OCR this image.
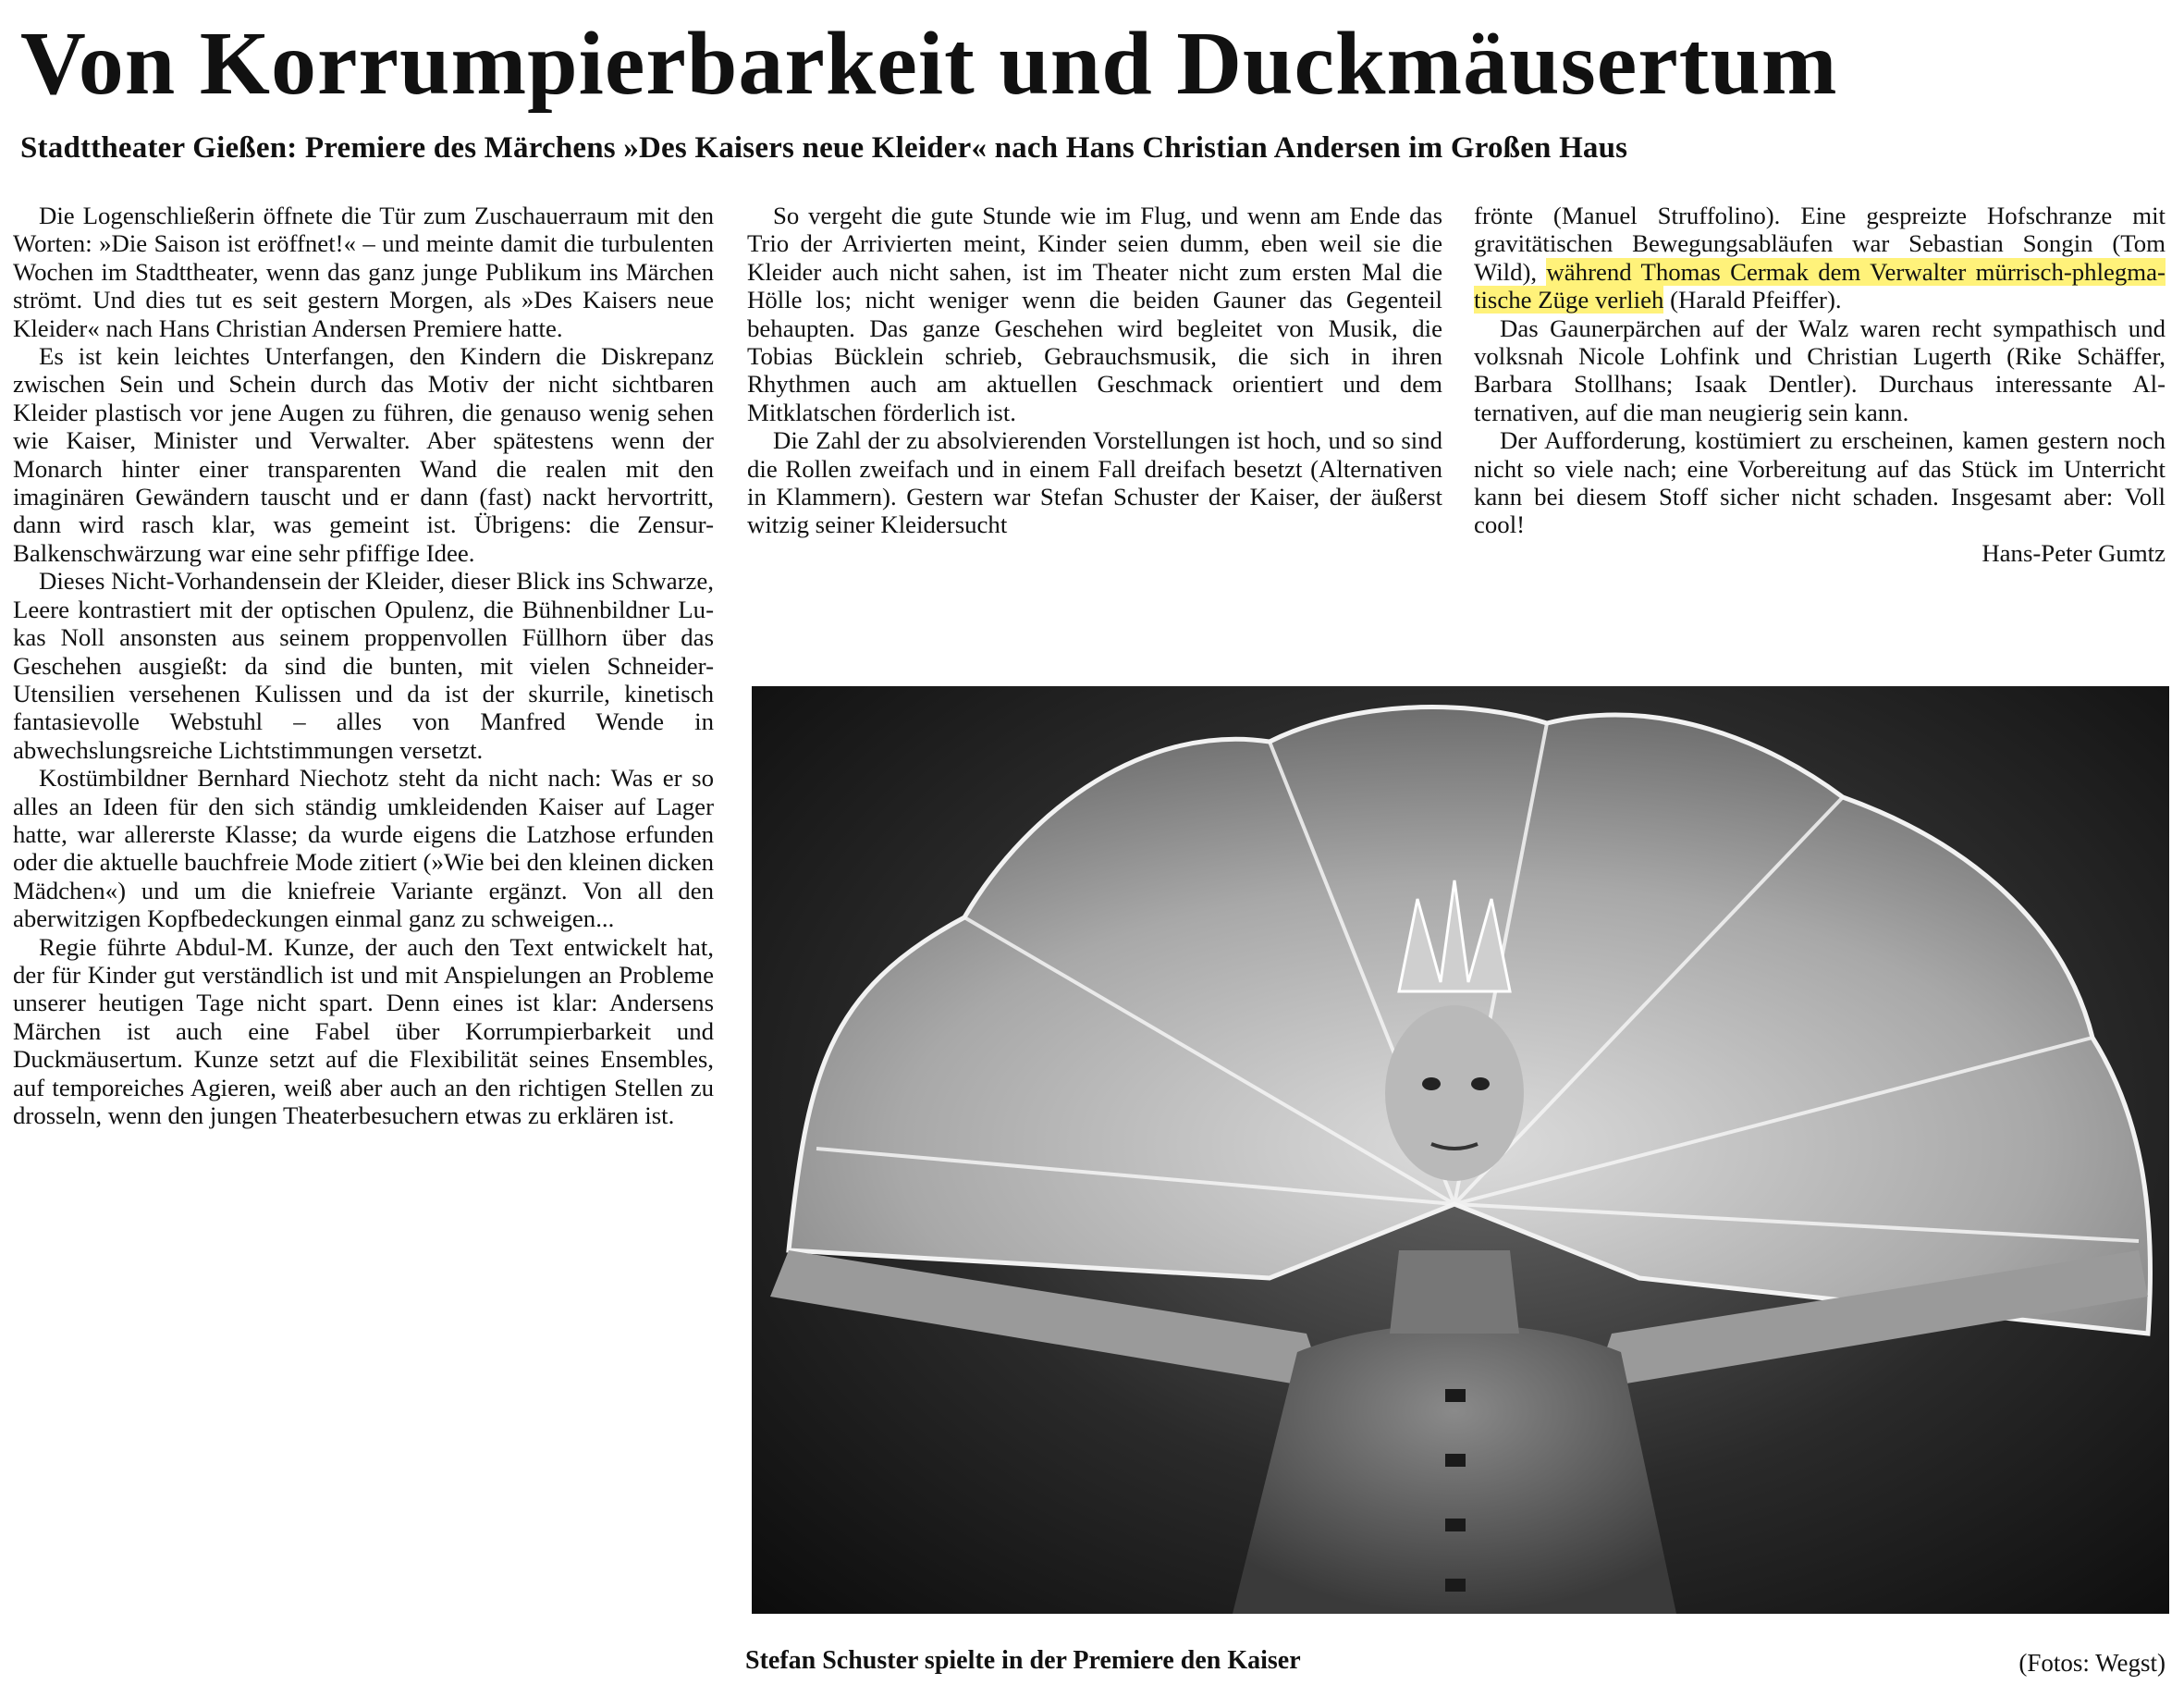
Von Korrumpierbarkeit und Duckmäusertum
Stadttheater Gießen: Premiere des Märchens »Des Kaisers neue Kleider« nach Hans Christian Andersen im Großen Haus

Die Logenschließerin öffnete die Tür zum Zuschauerraum mit den Worten: »Die Saison ist eröffnet!« – und meinte damit die turbulenten Wochen im Stadttheater, wenn das ganz junge Publikum ins Märchen strömt. Und dies tut es seit gestern Morgen, als »Des Kaisers neue Kleider« nach Hans Christian Andersen Premiere hatte.

Es ist kein leichtes Unterfangen, den Kindern die Diskrepanz zwischen Sein und Schein durch das Motiv der nicht sichtbaren Kleider plastisch vor jene Augen zu führen, die genauso wenig sehen wie Kaiser, Minister und Verwalter. Aber spätestens wenn der Monarch hinter einer transparenten Wand die realen mit den imaginären Gewändern tauscht und er dann (fast) nackt hervortritt, dann wird rasch klar, was gemeint ist. Übrigens: die Zensur-Balkenschwärzung war eine sehr pfiffige Idee.

Dieses Nicht-Vorhandensein der Kleider, dieser Blick ins Schwarze, Leere kontrastiert mit der optischen Opulenz, die Bühnenbildner Lukas Noll ansonsten aus seinem proppenvollen Füllhorn über das Geschehen ausgießt: da sind die bunten, mit vielen Schneider-Utensilien versehenen Kulissen und da ist der skurrile, kinetisch fantasievolle Webstuhl – alles von Manfred Wende in abwechslungsreiche Lichtstimmungen versetzt.

Kostümbildner Bernhard Niechotz steht da nicht nach: Was er so alles an Ideen für den sich ständig umkleidenden Kaiser auf Lager hatte, war allererste Klasse; da wurde eigens die Latzhose erfunden oder die aktuelle bauchfreie Mode zitiert (»Wie bei den kleinen dicken Mädchen«) und um die kniefreie Variante ergänzt. Von all den aberwitzigen Kopfbedeckungen einmal ganz zu schweigen...

Regie führte Abdul-M. Kunze, der auch den Text entwickelt hat, der für Kinder gut verständlich ist und mit Anspielungen an Probleme unserer heutigen Tage nicht spart. Denn eines ist klar: Andersens Märchen ist auch eine Fabel über Korrumpierbarkeit und Duckmäusertum. Kunze setzt auf die Flexibilität seines Ensembles, auf temporeiches Agieren, weiß aber auch an den richtigen Stellen zu drosseln, wenn den jungen Theaterbesuchern etwas zu erklären ist.

So vergeht die gute Stunde wie im Flug, und wenn am Ende das Trio der Arrivierten meint, Kinder seien dumm, eben weil sie die Kleider auch nicht sahen, ist im Theater nicht zum ersten Mal die Hölle los; nicht weniger wenn die beiden Gauner das Gegenteil behaupten. Das ganze Geschehen wird begleitet von Musik, die Tobias Bücklein schrieb, Gebrauchsmusik, die sich in ihren Rhythmen auch am aktuellen Geschmack orientiert und dem Mitklatschen förderlich ist.

Die Zahl der zu absolvierenden Vorstellungen ist hoch, und so sind die Rollen zweifach und in einem Fall dreifach besetzt (Alternativen in Klammern). Gestern war Stefan Schuster der Kaiser, der äußerst witzig seiner Kleidersucht

frönte (Manuel Struffolino). Eine gespreizte Hofschranze mit gravitätischen Bewegungsabläufen war Sebastian Songin (Tom Wild), während Thomas Cermak dem Verwalter mürrisch-phlegmatische Züge verlieh (Harald Pfeiffer).

Das Gaunerpärchen auf der Walz waren recht sympathisch und volksnah Nicole Lohfink und Christian Lugerth (Rike Schäffer, Barbara Stollhans; Isaak Dentler). Durchaus interessante Alternativen, auf die man neugierig sein kann.

Der Aufforderung, kostümiert zu erscheinen, kamen gestern noch nicht so viele nach; eine Vorbereitung auf das Stück im Unterricht kann bei diesem Stoff sicher nicht schaden. Insgesamt aber: Voll cool!

Hans-Peter Gumtz

Stefan Schuster spielte in der Premiere den Kaiser	(Fotos: Wegst)
